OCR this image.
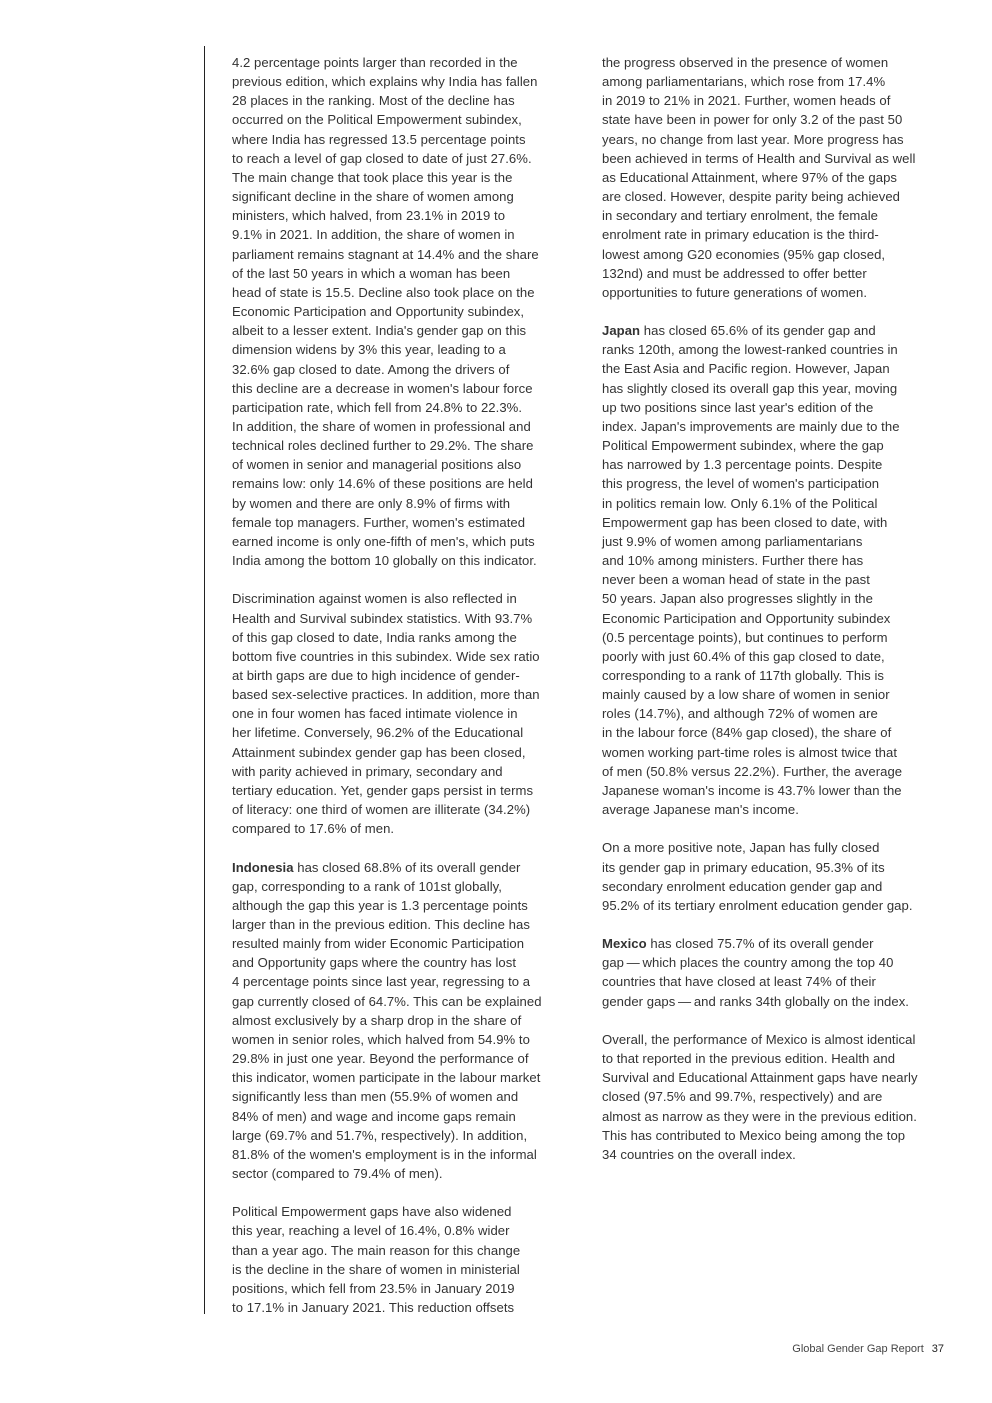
4.2 percentage points larger than recorded in the
previous edition, which explains why India has fallen
28 places in the ranking. Most of the decline has
occurred on the Political Empowerment subindex,
where India has regressed 13.5 percentage points
to reach a level of gap closed to date of just 27.6%.
The main change that took place this year is the
significant decline in the share of women among
ministers, which halved, from 23.1% in 2019 to
9.1% in 2021. In addition, the share of women in
parliament remains stagnant at 14.4% and the share
of the last 50 years in which a woman has been
head of state is 15.5. Decline also took place on the
Economic Participation and Opportunity subindex,
albeit to a lesser extent. India's gender gap on this
dimension widens by 3% this year, leading to a
32.6% gap closed to date. Among the drivers of
this decline are a decrease in women's labour force
participation rate, which fell from 24.8% to 22.3%.
In addition, the share of women in professional and
technical roles declined further to 29.2%. The share
of women in senior and managerial positions also
remains low: only 14.6% of these positions are held
by women and there are only 8.9% of firms with
female top managers. Further, women's estimated
earned income is only one-fifth of men's, which puts
India among the bottom 10 globally on this indicator.
Discrimination against women is also reflected in
Health and Survival subindex statistics. With 93.7%
of this gap closed to date, India ranks among the
bottom five countries in this subindex. Wide sex ratio
at birth gaps are due to high incidence of gender-
based sex-selective practices. In addition, more than
one in four women has faced intimate violence in
her lifetime. Conversely, 96.2% of the Educational
Attainment subindex gender gap has been closed,
with parity achieved in primary, secondary and
tertiary education. Yet, gender gaps persist in terms
of literacy: one third of women are illiterate (34.2%)
compared to 17.6% of men.
Indonesia has closed 68.8% of its overall gender
gap, corresponding to a rank of 101st globally,
although the gap this year is 1.3 percentage points
larger than in the previous edition. This decline has
resulted mainly from wider Economic Participation
and Opportunity gaps where the country has lost
4 percentage points since last year, regressing to a
gap currently closed of 64.7%. This can be explained
almost exclusively by a sharp drop in the share of
women in senior roles, which halved from 54.9% to
29.8% in just one year. Beyond the performance of
this indicator, women participate in the labour market
significantly less than men (55.9% of women and
84% of men) and wage and income gaps remain
large (69.7% and 51.7%, respectively). In addition,
81.8% of the women's employment is in the informal
sector (compared to 79.4% of men).
Political Empowerment gaps have also widened
this year, reaching a level of 16.4%, 0.8% wider
than a year ago. The main reason for this change
is the decline in the share of women in ministerial
positions, which fell from 23.5% in January 2019
to 17.1% in January 2021. This reduction offsets
the progress observed in the presence of women
among parliamentarians, which rose from 17.4%
in 2019 to 21% in 2021. Further, women heads of
state have been in power for only 3.2 of the past 50
years, no change from last year. More progress has
been achieved in terms of Health and Survival as well
as Educational Attainment, where 97% of the gaps
are closed. However, despite parity being achieved
in secondary and tertiary enrolment, the female
enrolment rate in primary education is the third-
lowest among G20 economies (95% gap closed,
132nd) and must be addressed to offer better
opportunities to future generations of women.
Japan has closed 65.6% of its gender gap and
ranks 120th, among the lowest-ranked countries in
the East Asia and Pacific region. However, Japan
has slightly closed its overall gap this year, moving
up two positions since last year's edition of the
index. Japan's improvements are mainly due to the
Political Empowerment subindex, where the gap
has narrowed by 1.3 percentage points. Despite
this progress, the level of women's participation
in politics remain low. Only 6.1% of the Political
Empowerment gap has been closed to date, with
just 9.9% of women among parliamentarians
and 10% among ministers. Further there has
never been a woman head of state in the past
50 years. Japan also progresses slightly in the
Economic Participation and Opportunity subindex
(0.5 percentage points), but continues to perform
poorly with just 60.4% of this gap closed to date,
corresponding to a rank of 117th globally. This is
mainly caused by a low share of women in senior
roles (14.7%), and although 72% of women are
in the labour force (84% gap closed), the share of
women working part-time roles is almost twice that
of men (50.8% versus 22.2%). Further, the average
Japanese woman's income is 43.7% lower than the
average Japanese man's income.
On a more positive note, Japan has fully closed
its gender gap in primary education, 95.3% of its
secondary enrolment education gender gap and
95.2% of its tertiary enrolment education gender gap.
Mexico has closed 75.7% of its overall gender
gap — which places the country among the top 40
countries that have closed at least 74% of their
gender gaps — and ranks 34th globally on the index.
Overall, the performance of Mexico is almost identical
to that reported in the previous edition. Health and
Survival and Educational Attainment gaps have nearly
closed (97.5% and 99.7%, respectively) and are
almost as narrow as they were in the previous edition.
This has contributed to Mexico being among the top
34 countries on the overall index.
Global Gender Gap Report 37
